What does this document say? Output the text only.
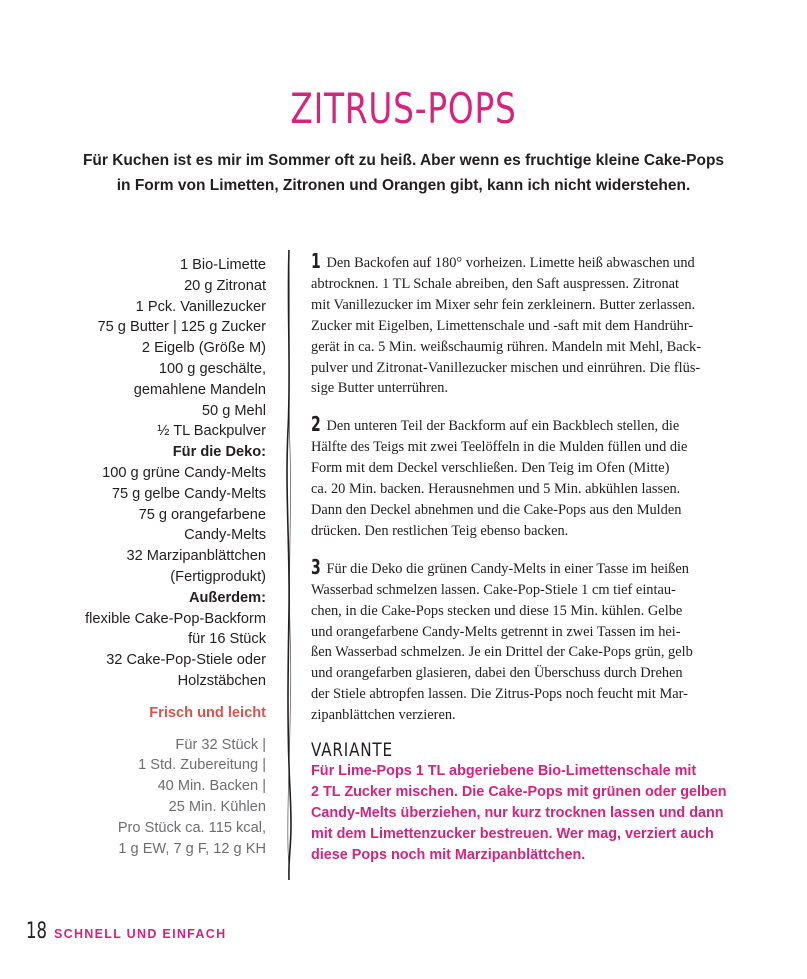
ZITRUS-POPS
Für Kuchen ist es mir im Sommer oft zu heiß. Aber wenn es fruchtige kleine Cake-Pops
in Form von Limetten, Zitronen und Orangen gibt, kann ich nicht widerstehen.
1 Bio-Limette
20 g Zitronat
1 Pck. Vanillezucker
75 g Butter | 125 g Zucker
2 Eigelb (Größe M)
100 g geschälte,
gemahlene Mandeln
50 g Mehl
½ TL Backpulver
Für die Deko:
100 g grüne Candy-Melts
75 g gelbe Candy-Melts
75 g orangefarbene
Candy-Melts
32 Marzipanblättchen
(Fertigprodukt)
Außerdem:
flexible Cake-Pop-Backform
für 16 Stück
32 Cake-Pop-Stiele oder
Holzstäbchen
Frisch und leicht
Für 32 Stück |
1 Std. Zubereitung |
40 Min. Backen |
25 Min. Kühlen
Pro Stück ca. 115 kcal,
1 g EW, 7 g F, 12 g KH
1 Den Backofen auf 180° vorheizen. Limette heiß abwaschen und
abtrocknen. 1 TL Schale abreiben, den Saft auspressen. Zitronat
mit Vanillezucker im Mixer sehr fein zerkleinern. Butter zerlassen.
Zucker mit Eigelben, Limettenschale und -saft mit dem Handrühr-
gerät in ca. 5 Min. weißschaumig rühren. Mandeln mit Mehl, Back-
pulver und Zitronat-Vanillezucker mischen und einrühren. Die flüs-
sige Butter unterrühren.
2 Den unteren Teil der Backform auf ein Backblech stellen, die
Hälfte des Teigs mit zwei Teelöffeln in die Mulden füllen und die
Form mit dem Deckel verschließen. Den Teig im Ofen (Mitte)
ca. 20 Min. backen. Herausnehmen und 5 Min. abkühlen lassen.
Dann den Deckel abnehmen und die Cake-Pops aus den Mulden
drücken. Den restlichen Teig ebenso backen.
3 Für die Deko die grünen Candy-Melts in einer Tasse im heißen
Wasserbad schmelzen lassen. Cake-Pop-Stiele 1 cm tief eintau-
chen, in die Cake-Pops stecken und diese 15 Min. kühlen. Gelbe
und orangefarbene Candy-Melts getrennt in zwei Tassen im hei-
ßen Wasserbad schmelzen. Je ein Drittel der Cake-Pops grün, gelb
und orangefarben glasieren, dabei den Überschuss durch Drehen
der Stiele abtropfen lassen. Die Zitrus-Pops noch feucht mit Mar-
zipanblättchen verzieren.
VARIANTE
Für Lime-Pops 1 TL abgeriebene Bio-Limettenschale mit
2 TL Zucker mischen. Die Cake-Pops mit grünen oder gelben
Candy-Melts überziehen, nur kurz trocknen lassen und dann
mit dem Limettenzucker bestreuen. Wer mag, verziert auch
diese Pops noch mit Marzipanblättchen.
18 SCHNELL UND EINFACH
